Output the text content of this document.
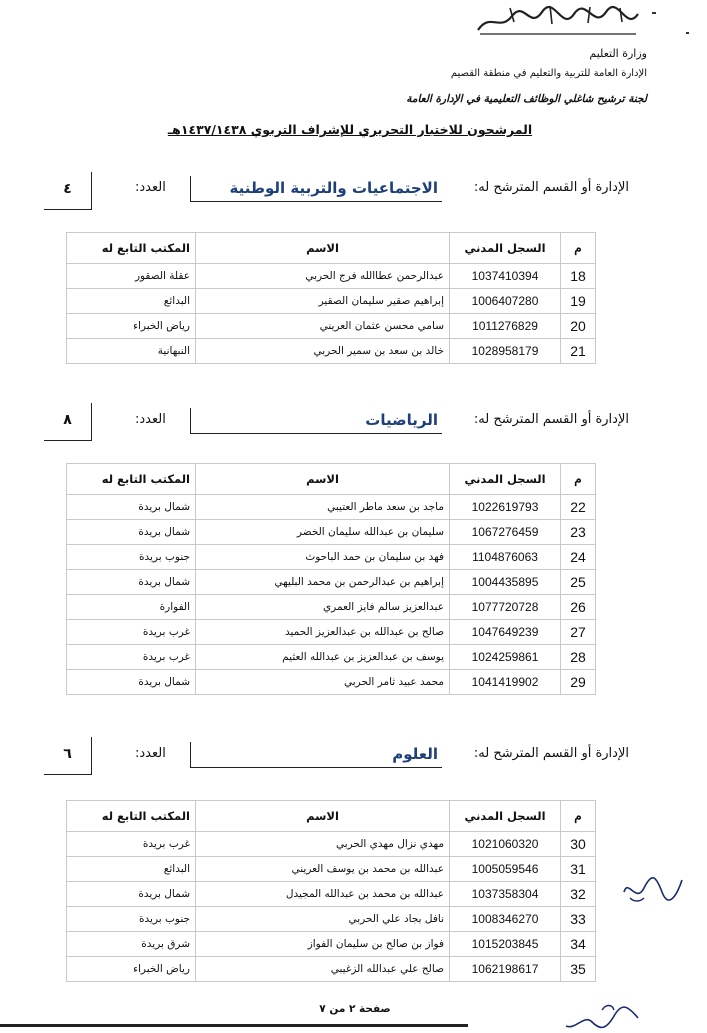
وزارة التعليم
الإدارة العامة للتربية والتعليم في منطقة القصيم
لجنة ترشيح شاغلي الوظائف التعليمية في الإدارة العامة
المرشحون للاختبار التحريري للإشراف التربوي ١٤٣٧/١٤٣٨هـ
الإدارة أو القسم المترشح له:
الاجتماعيات والتربية الوطنية
العدد:
٤
م	السجل المدني	الاسم	المكتب التابع له
18	1037410394	عبدالرحمن عطاالله فرج الحربي	عقلة الصقور
19	1006407280	إبراهيم صقير سليمان الصقير	البدائع
20	1011276829	سامي محسن عثمان العريني	رياض الخبراء
21	1028958179	خالد بن سعد بن سمير الحربي	النبهانية
الإدارة أو القسم المترشح له:
الرياضيات
العدد:
٨
م	السجل المدني	الاسم	المكتب التابع له
22	1022619793	ماجد بن سعد ماطر العتيبي	شمال بريدة
23	1067276459	سليمان بن عبدالله سليمان الخضر	شمال بريدة
24	1104876063	فهد بن سليمان بن حمد الباحوث	جنوب بريدة
25	1004435895	إبراهيم بن عبدالرحمن بن محمد البليهي	شمال بريدة
26	1077720728	عبدالعزيز سالم فايز العمري	الفوارة
27	1047649239	صالح بن عبدالله بن عبدالعزيز الحميد	غرب بريدة
28	1024259861	يوسف بن عبدالعزيز بن عبدالله العثيم	غرب بريدة
29	1041419902	محمد عبيد ثامر الحربي	شمال بريدة
الإدارة أو القسم المترشح له:
العلوم
العدد:
٦
م	السجل المدني	الاسم	المكتب التابع له
30	1021060320	مهدي نزال مهدي الحربي	غرب بريدة
31	1005059546	عبدالله بن محمد بن يوسف العريني	البدائع
32	1037358304	عبدالله بن محمد بن عبدالله المجيدل	شمال بريدة
33	1008346270	نافل بجاد علي الحربي	جنوب بريدة
34	1015203845	فواز بن صالح بن سليمان الفواز	شرق بريدة
35	1062198617	صالح علي عبدالله الزغيبي	رياض الخبراء
صفحة ٢ من ٧
